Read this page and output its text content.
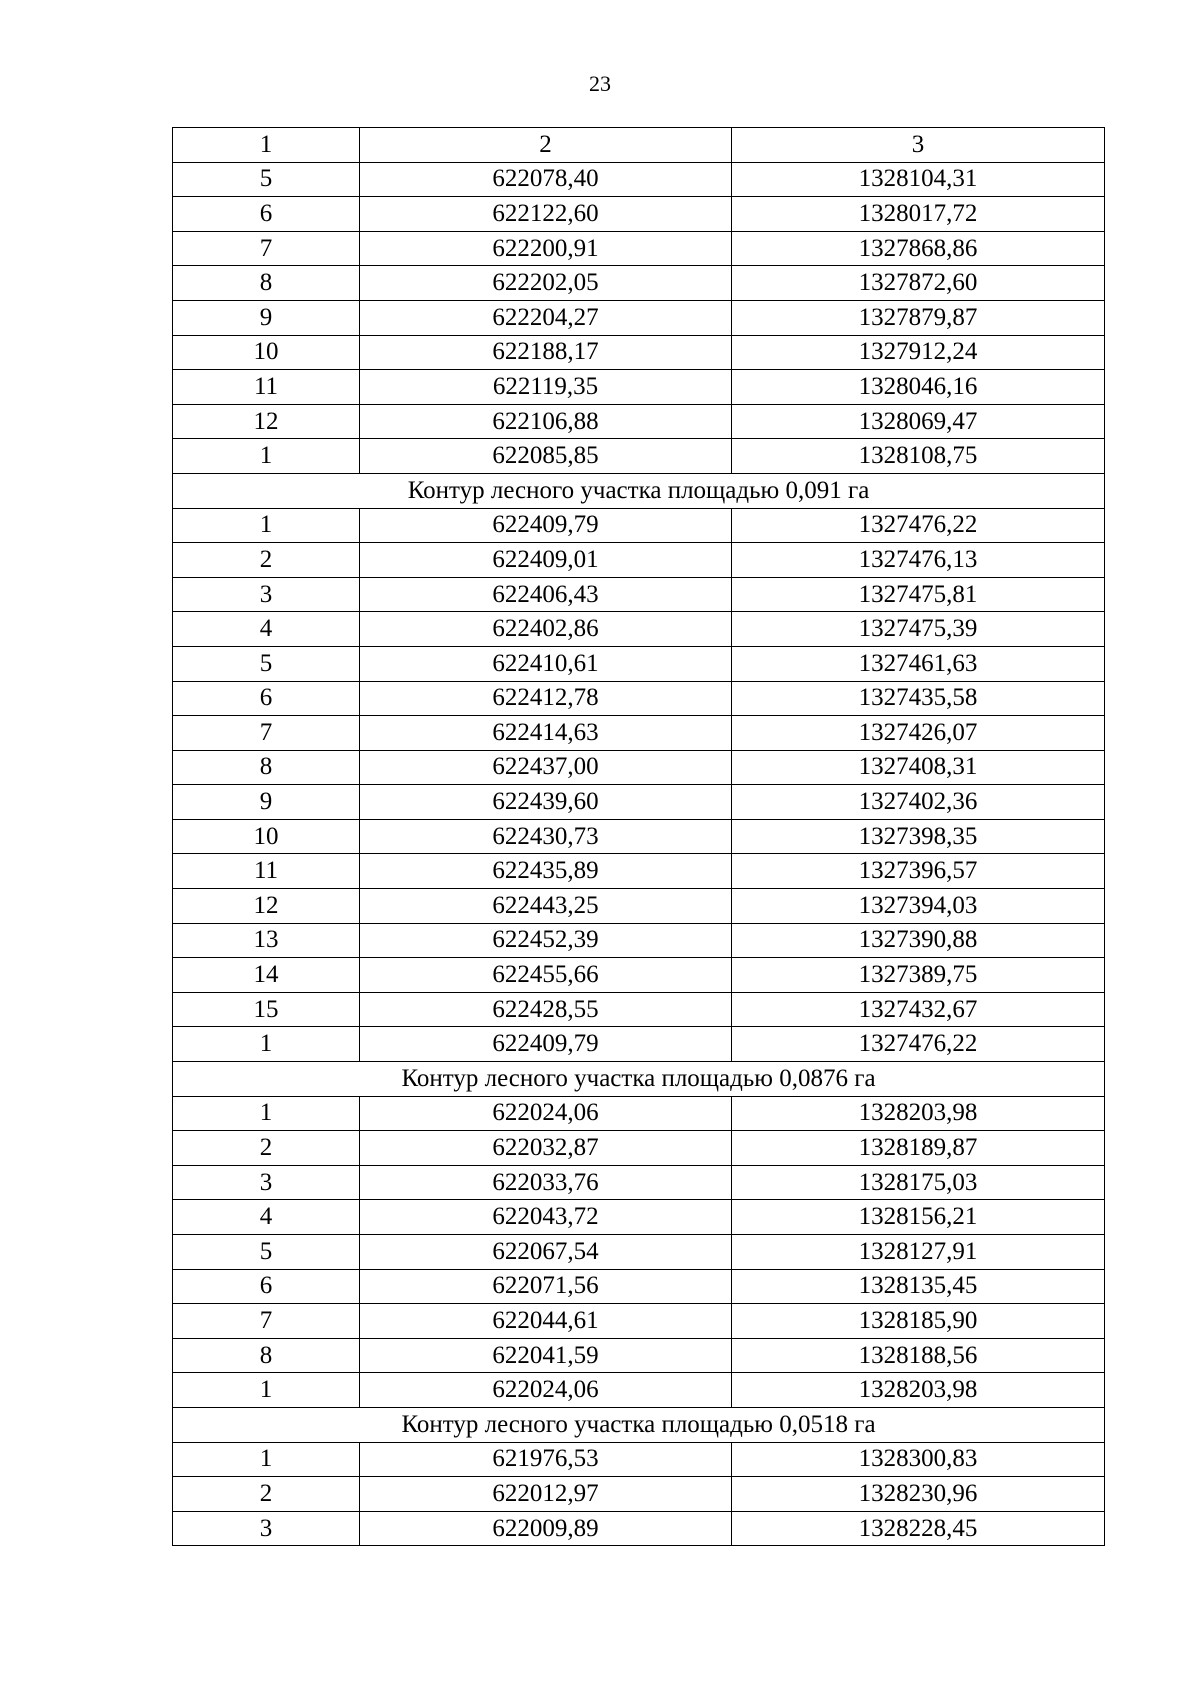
23
1	2	3
5	622078,40	1328104,31
6	622122,60	1328017,72
7	622200,91	1327868,86
8	622202,05	1327872,60
9	622204,27	1327879,87
10	622188,17	1327912,24
11	622119,35	1328046,16
12	622106,88	1328069,47
1	622085,85	1328108,75
Контур лесного участка площадью 0,091 га		
1	622409,79	1327476,22
2	622409,01	1327476,13
3	622406,43	1327475,81
4	622402,86	1327475,39
5	622410,61	1327461,63
6	622412,78	1327435,58
7	622414,63	1327426,07
8	622437,00	1327408,31
9	622439,60	1327402,36
10	622430,73	1327398,35
11	622435,89	1327396,57
12	622443,25	1327394,03
13	622452,39	1327390,88
14	622455,66	1327389,75
15	622428,55	1327432,67
1	622409,79	1327476,22
Контур лесного участка площадью 0,0876 га		
1	622024,06	1328203,98
2	622032,87	1328189,87
3	622033,76	1328175,03
4	622043,72	1328156,21
5	622067,54	1328127,91
6	622071,56	1328135,45
7	622044,61	1328185,90
8	622041,59	1328188,56
1	622024,06	1328203,98
Контур лесного участка площадью 0,0518 га		
1	621976,53	1328300,83
2	622012,97	1328230,96
3	622009,89	1328228,45
